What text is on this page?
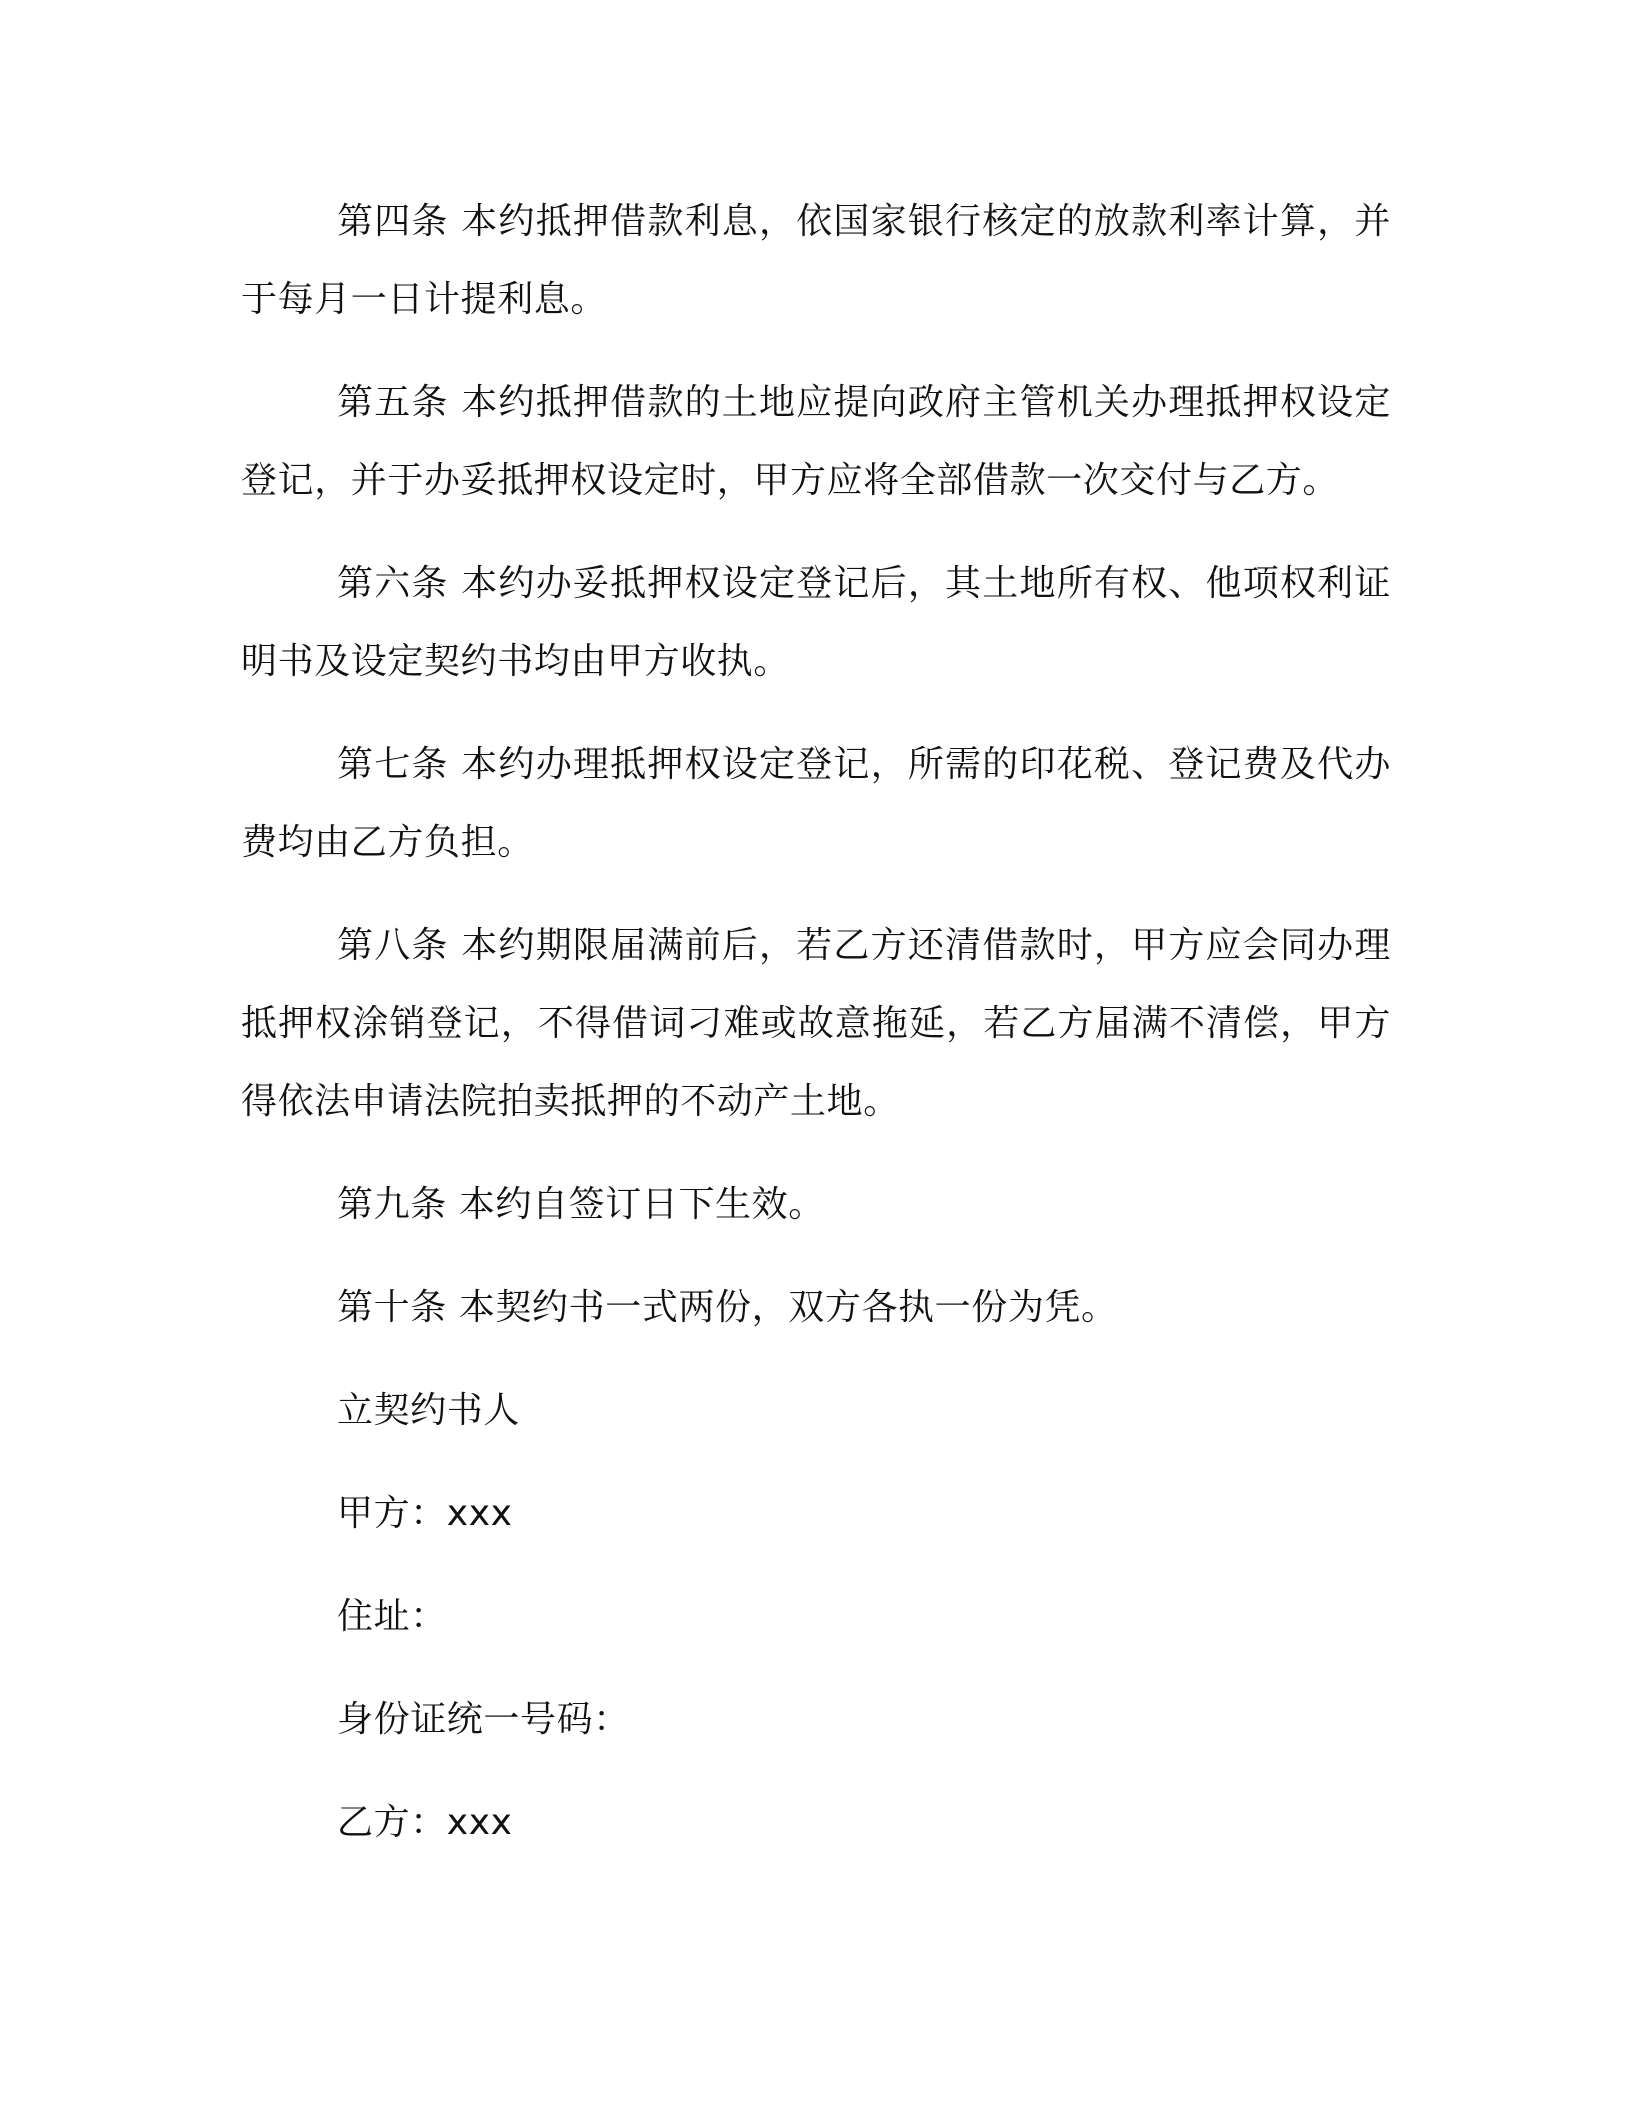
第四条 本约抵押借款利息，依国家银行核定的放款利率计算，并于每月一日计提利息。

第五条 本约抵押借款的土地应提向政府主管机关办理抵押权设定登记，并于办妥抵押权设定时，甲方应将全部借款一次交付与乙方。

第六条 本约办妥抵押权设定登记后，其土地所有权、他项权利证明书及设定契约书均由甲方收执。

第七条 本约办理抵押权设定登记，所需的印花税、登记费及代办费均由乙方负担。

第八条 本约期限届满前后，若乙方还清借款时，甲方应会同办理抵押权涂销登记，不得借词刁难或故意拖延，若乙方届满不清偿，甲方得依法申请法院拍卖抵押的不动产土地。

第九条 本约自签订日下生效。

第十条 本契约书一式两份，双方各执一份为凭。

立契约书人

甲方：xxx

住址：

身份证统一号码：

乙方：xxx
